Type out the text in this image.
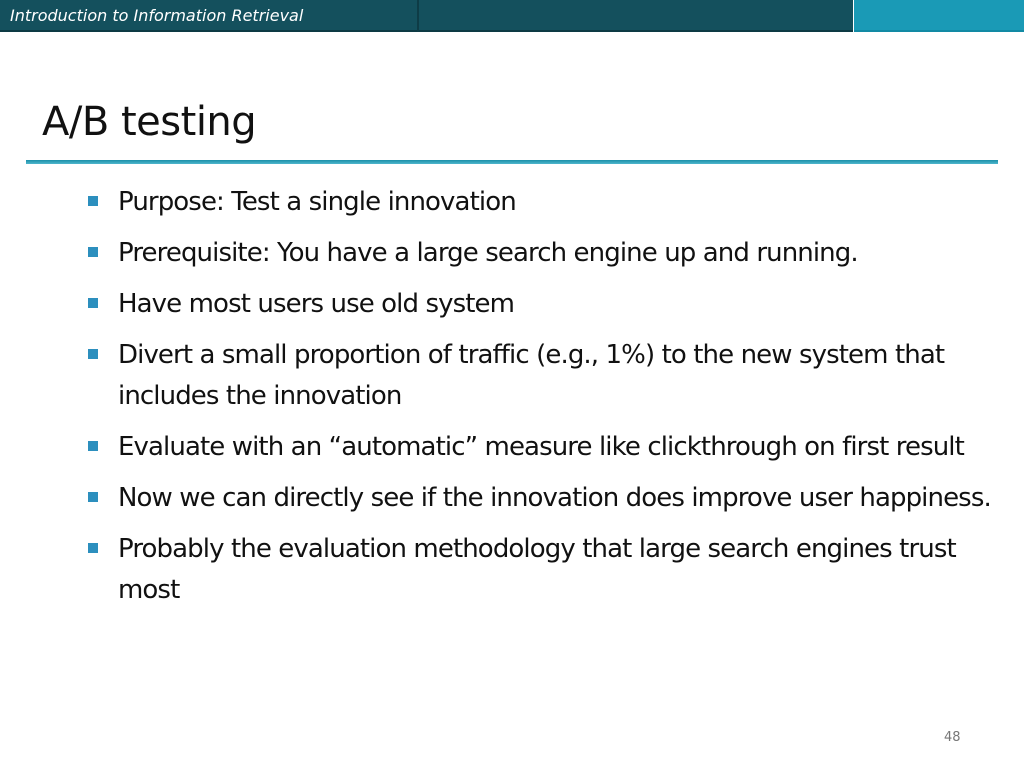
Introduction to Information Retrieval
A/B testing
Purpose: Test a single innovation
Prerequisite: You have a large search engine up and running.
Have most users use old system
Divert a small proportion of traffic (e.g., 1%) to the new system that includes the innovation
Evaluate with an “automatic” measure like clickthrough on first result
Now we can directly see if the innovation does improve user happiness.
Probably the evaluation methodology that large search engines trust most
48
